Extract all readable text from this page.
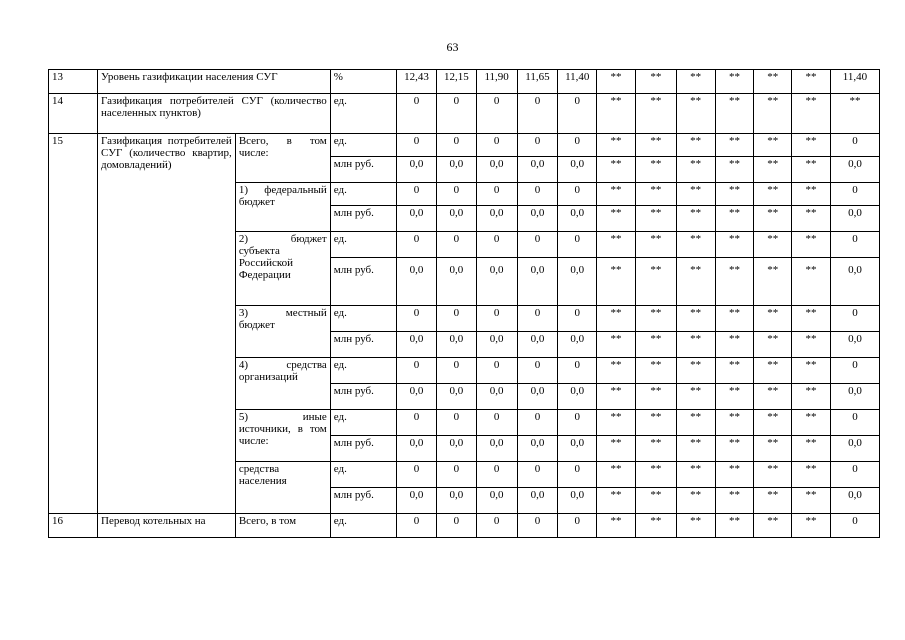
63
13	Уровень газификации населения СУГ		%	12,43	12,15	11,90	11,65	11,40	**	**	**	**	**	**	11,40
14	Газификация потребителей СУГ (количество населенных пунктов)		ед.	0	0	0	0	0	**	**	**	**	**	**	**
15	Газификация потребителей СУГ (количество квартир, домовладений)	Всего, в том числе:	ед.	0	0	0	0	0	**	**	**	**	**	**	0
			млн руб.	0,0	0,0	0,0	0,0	0,0	**	**	**	**	**	**	0,0
		1) федеральный бюджет	ед.	0	0	0	0	0	**	**	**	**	**	**	0
			млн руб.	0,0	0,0	0,0	0,0	0,0	**	**	**	**	**	**	0,0
		2) бюджет субъекта Российской Федерации	ед.	0	0	0	0	0	**	**	**	**	**	**	0
			млн руб.	0,0	0,0	0,0	0,0	0,0	**	**	**	**	**	**	0,0
		3) местный бюджет	ед.	0	0	0	0	0	**	**	**	**	**	**	0
			млн руб.	0,0	0,0	0,0	0,0	0,0	**	**	**	**	**	**	0,0
		4) средства организаций	ед.	0	0	0	0	0	**	**	**	**	**	**	0
			млн руб.	0,0	0,0	0,0	0,0	0,0	**	**	**	**	**	**	0,0
		5) иные источники, в том числе:	ед.	0	0	0	0	0	**	**	**	**	**	**	0
			млн руб.	0,0	0,0	0,0	0,0	0,0	**	**	**	**	**	**	0,0
		средства населения	ед.	0	0	0	0	0	**	**	**	**	**	**	0
			млн руб.	0,0	0,0	0,0	0,0	0,0	**	**	**	**	**	**	0,0
16	Перевод котельных на	Всего, в том	ед.	0	0	0	0	0	**	**	**	**	**	**	0
